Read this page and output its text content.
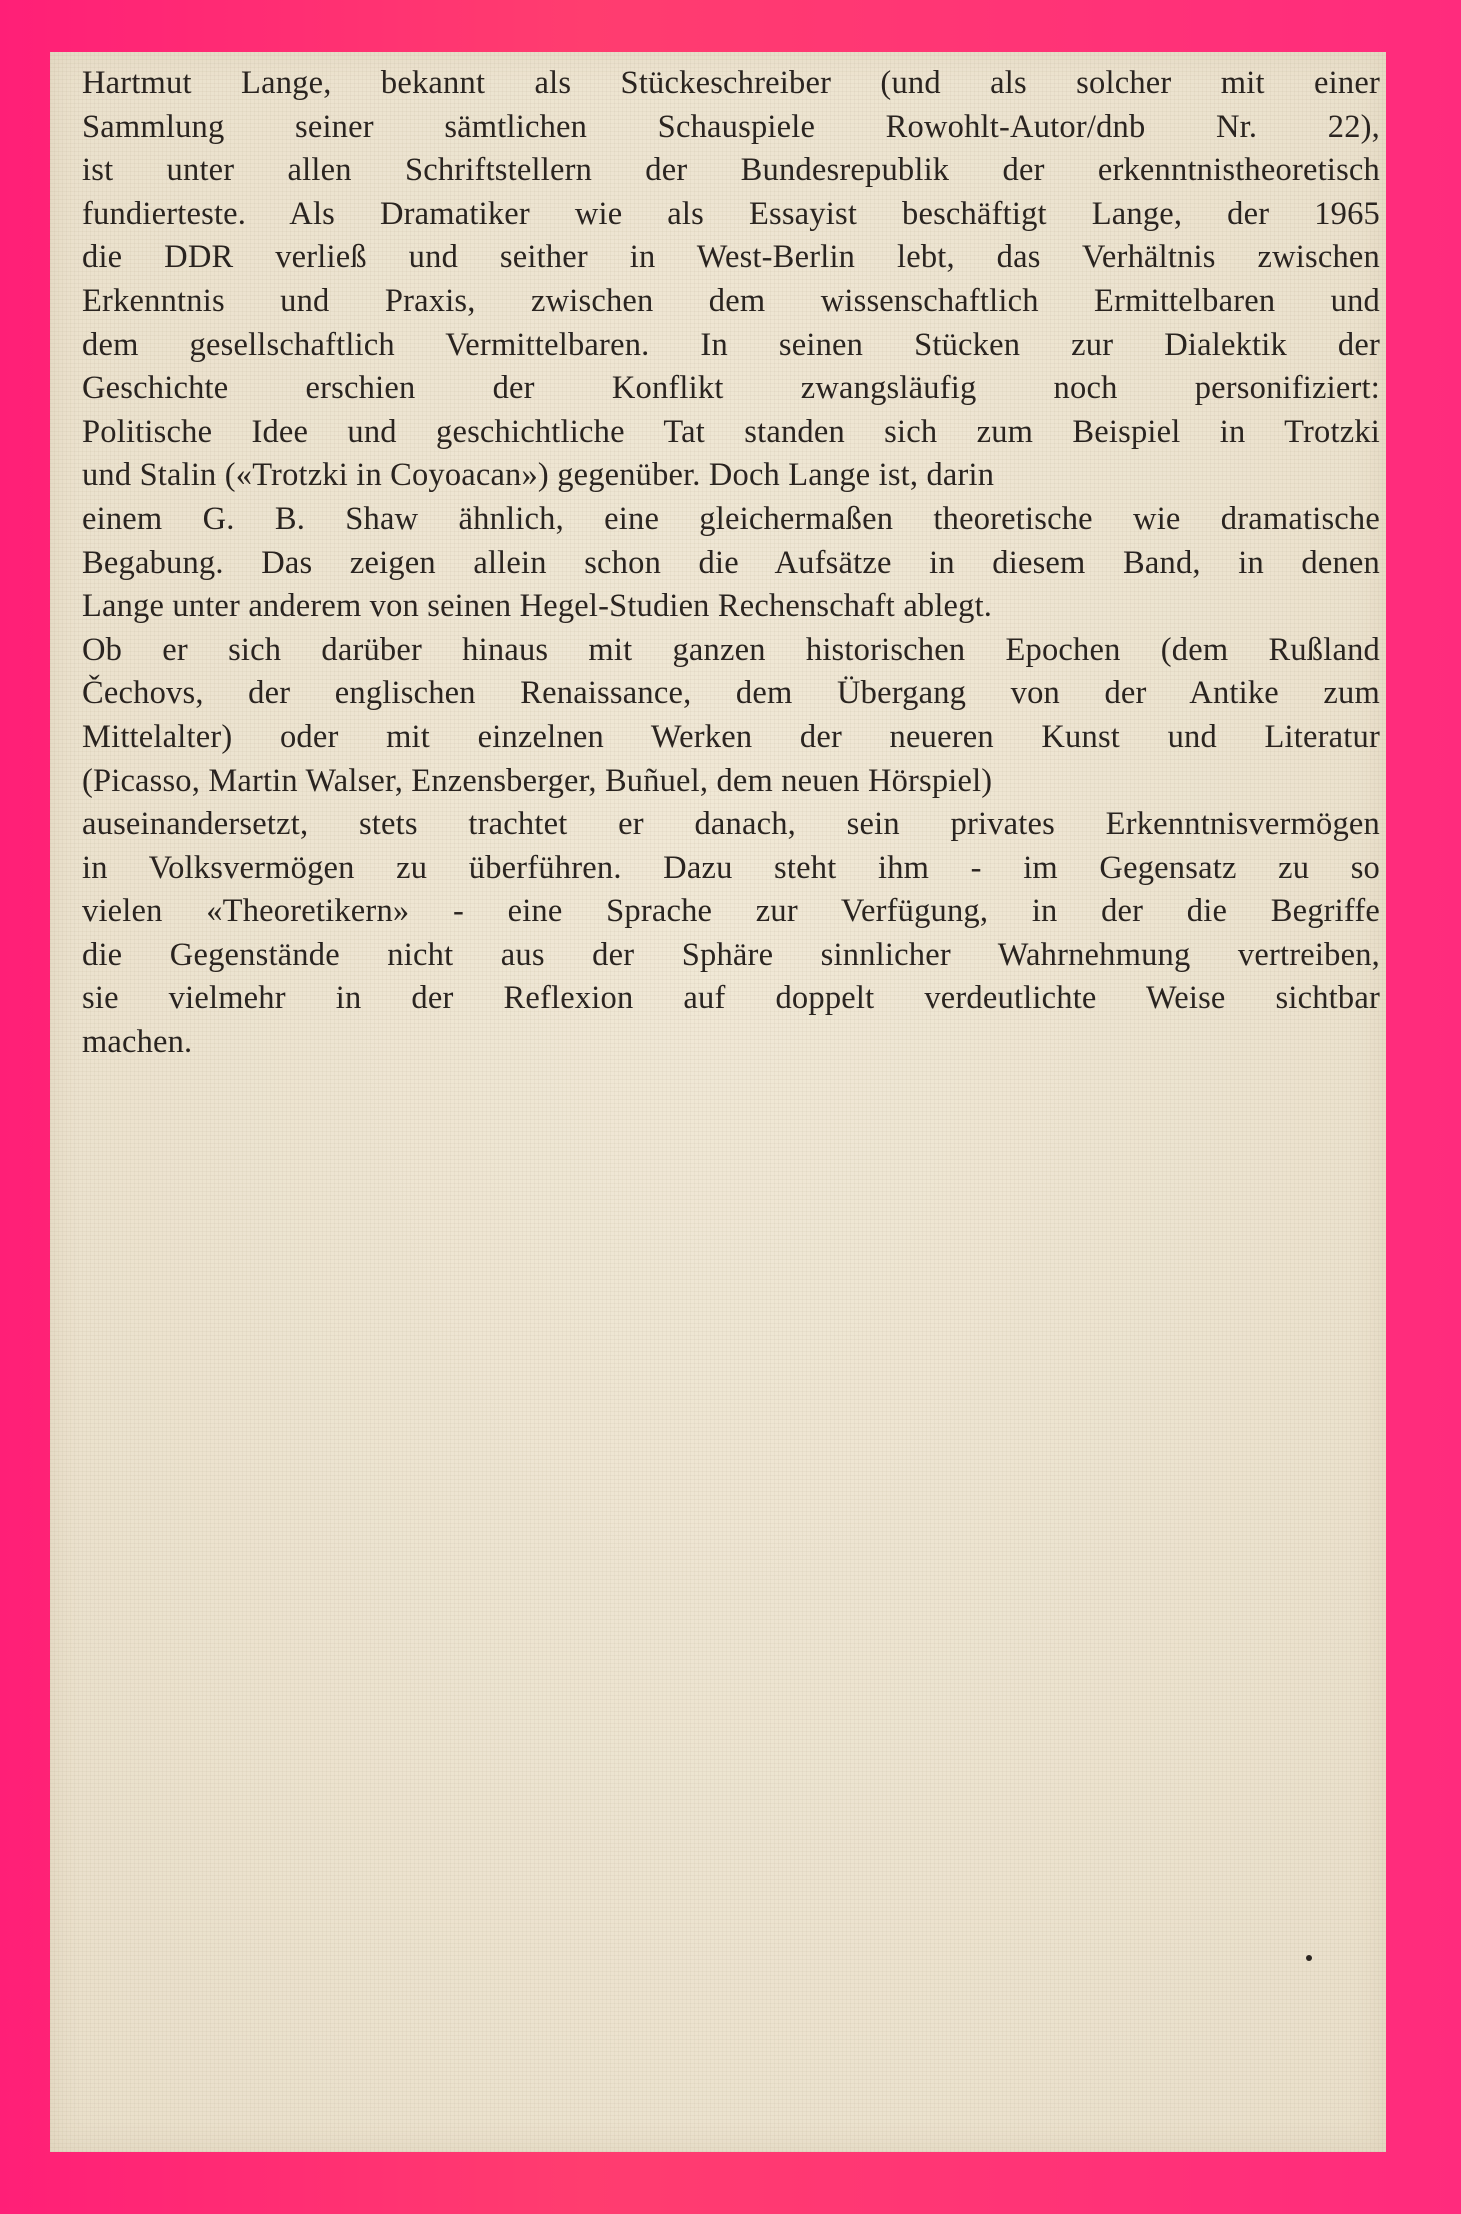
Hartmut Lange, bekannt als Stückeschreiber (und als solcher mit einer
Sammlung seiner sämtlichen Schauspiele Rowohlt-Autor/dnb Nr. 22),
ist unter allen Schriftstellern der Bundesrepublik der erkenntnistheoretisch
fundierteste. Als Dramatiker wie als Essayist beschäftigt Lange, der 1965
die DDR verließ und seither in West-Berlin lebt, das Verhältnis zwischen
Erkenntnis und Praxis, zwischen dem wissenschaftlich Ermittelbaren und
dem gesellschaftlich Vermittelbaren. In seinen Stücken zur Dialektik der
Geschichte erschien der Konflikt zwangsläufig noch personifiziert:
Politische Idee und geschichtliche Tat standen sich zum Beispiel in Trotzki
und Stalin («Trotzki in Coyoacan») gegenüber. Doch Lange ist, darin
einem G. B. Shaw ähnlich, eine gleichermaßen theoretische wie dramatische
Begabung. Das zeigen allein schon die Aufsätze in diesem Band, in denen
Lange unter anderem von seinen Hegel-Studien Rechenschaft ablegt.
Ob er sich darüber hinaus mit ganzen historischen Epochen (dem Rußland
Čechovs, der englischen Renaissance, dem Übergang von der Antike zum
Mittelalter) oder mit einzelnen Werken der neueren Kunst und Literatur
(Picasso, Martin Walser, Enzensberger, Buñuel, dem neuen Hörspiel)
auseinandersetzt, stets trachtet er danach, sein privates Erkenntnisvermögen
in Volksvermögen zu überführen. Dazu steht ihm - im Gegensatz zu so
vielen «Theoretikern» - eine Sprache zur Verfügung, in der die Begriffe
die Gegenstände nicht aus der Sphäre sinnlicher Wahrnehmung vertreiben,
sie vielmehr in der Reflexion auf doppelt verdeutlichte Weise sichtbar
machen.
